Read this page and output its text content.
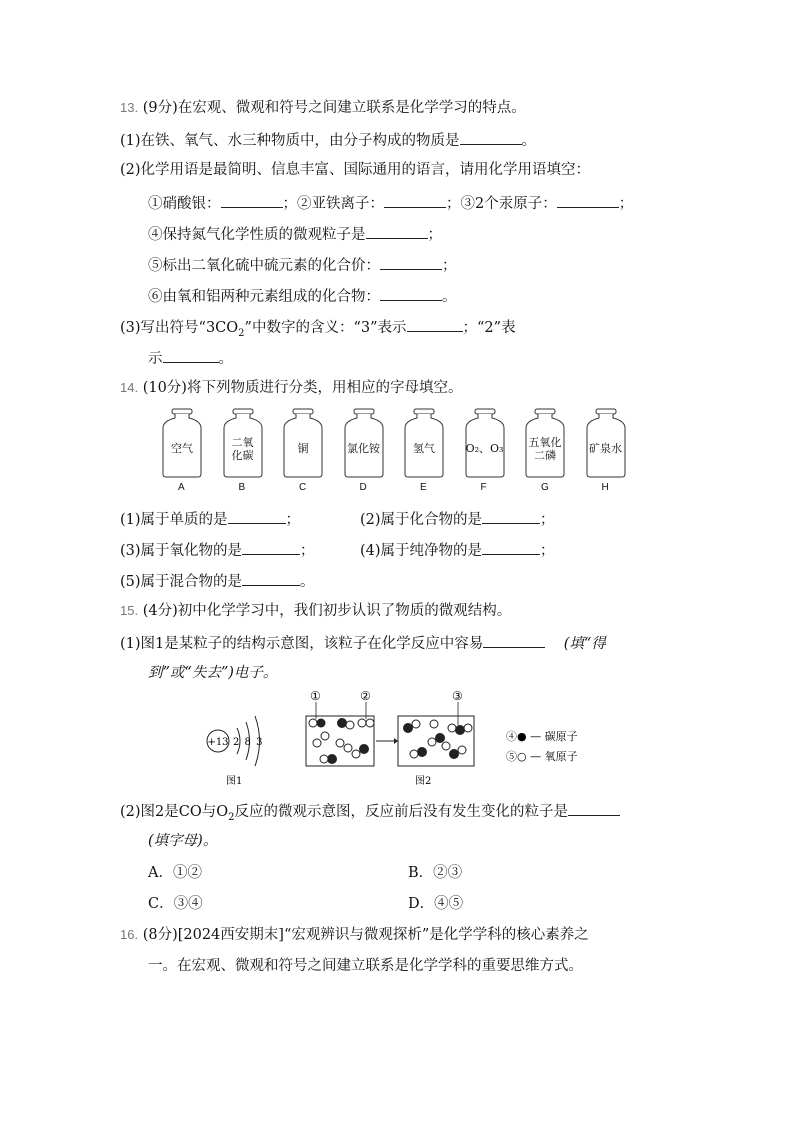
13. (9分)在宏观、微观和符号之间建立联系是化学学习的特点。
(1)在铁、氧气、水三种物质中，由分子构成的物质是	。
(2)化学用语是最简明、信息丰富、国际通用的语言，请用化学用语填空：
①硝酸银：	；②亚铁离子：	；③2个汞原子：	；
④保持氮气化学性质的微观粒子是	；
⑤标出二氧化硫中硫元素的化合价：	；
⑥由氧和铝两种元素组成的化合物：	。
(3)写出符号“$3CO_2$”中数字的含义：“3”表示	；“2”表
示	。
14. (10分)将下列物质进行分类，用相应的字母填空。
空气
A
二氧
化碳
B
铜
C
氯化铵
D
氢气
E
O₂、O₃
F
五氧化
二磷
G
矿泉水
H
(1)属于单质的是	；	(2)属于化合物的是	；
(3)属于氧化物的是	；	(4)属于纯净物的是	；
(5)属于混合物的是	。
15. (4分)初中化学学习中，我们初步认识了物质的微观结构。
(1)图1是某粒子的结构示意图，该粒子在化学反应中容易	(填“得
到”或“失去”)电子。
+13 2 8 3
图1
①	②	③
图2
④● — 碳原子
⑤○ — 氧原子
(2)图2是CO与$O_2$反应的微观示意图，反应前后没有发生变化的粒子是
(填字母)。
A．①②	B．②③
C．③④	D．④⑤
16. (8分)[2024西安期末]“宏观辨识与微观探析”是化学学科的核心素养之
一。在宏观、微观和符号之间建立联系是化学学科的重要思维方式。
